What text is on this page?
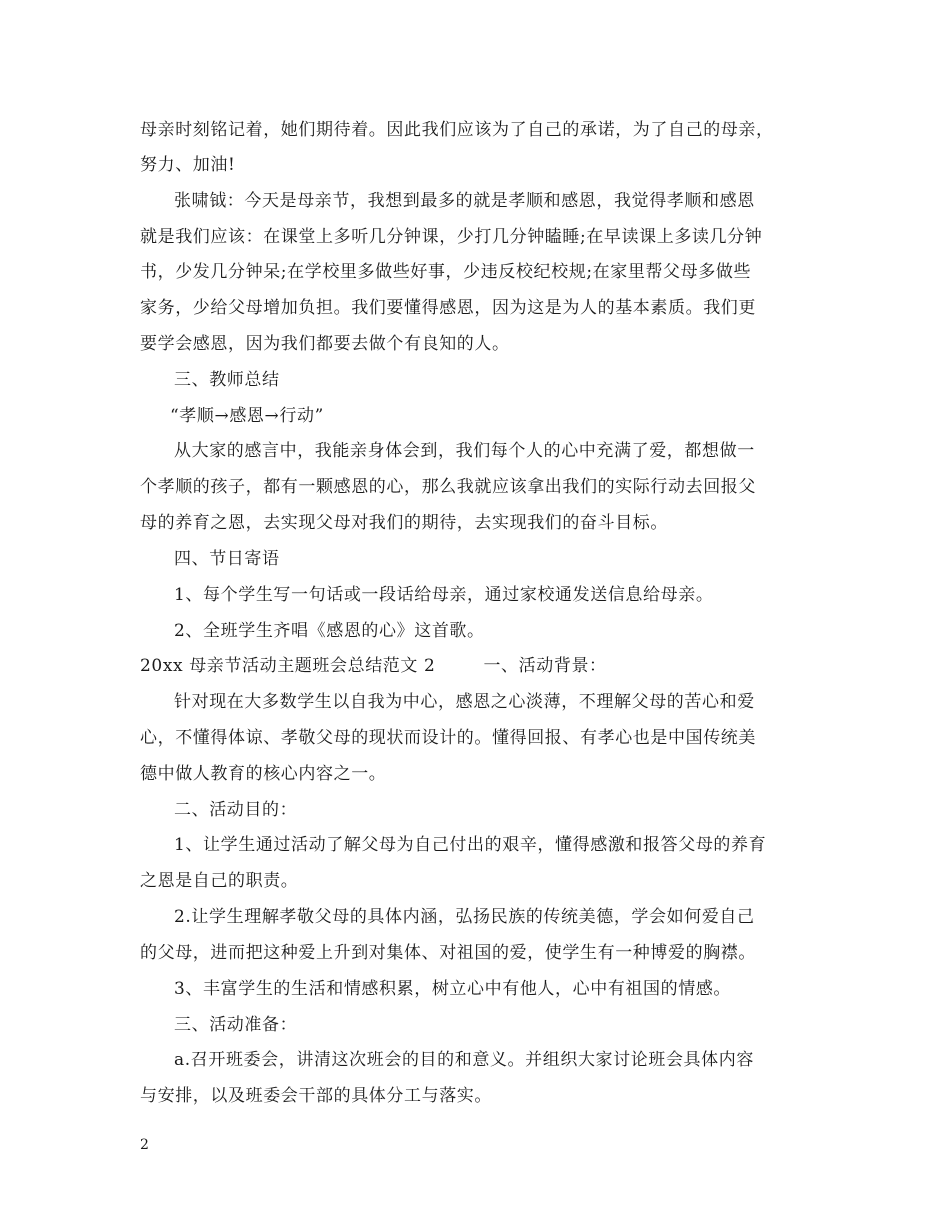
母亲时刻铭记着，她们期待着。因此我们应该为了自己的承诺，为了自己的母亲，
努力、加油!
张啸钺：今天是母亲节，我想到最多的就是孝顺和感恩，我觉得孝顺和感恩
就是我们应该：在课堂上多听几分钟课，少打几分钟瞌睡;在早读课上多读几分钟
书，少发几分钟呆;在学校里多做些好事，少违反校纪校规;在家里帮父母多做些
家务，少给父母增加负担。我们要懂得感恩，因为这是为人的基本素质。我们更
要学会感恩，因为我们都要去做个有良知的人。
三、教师总结
“孝顺→感恩→行动”
从大家的感言中，我能亲身体会到，我们每个人的心中充满了爱，都想做一
个孝顺的孩子，都有一颗感恩的心，那么我就应该拿出我们的实际行动去回报父
母的养育之恩，去实现父母对我们的期待，去实现我们的奋斗目标。
四、节日寄语
1、每个学生写一句话或一段话给母亲，通过家校通发送信息给母亲。
2、全班学生齐唱《感恩的心》这首歌。
20xx 母亲节活动主题班会总结范文 2        一、活动背景：
针对现在大多数学生以自我为中心，感恩之心淡薄，不理解父母的苦心和爱
心，不懂得体谅、孝敬父母的现状而设计的。懂得回报、有孝心也是中国传统美
德中做人教育的核心内容之一。
二、活动目的：
1、让学生通过活动了解父母为自己付出的艰辛，懂得感激和报答父母的养育
之恩是自己的职责。
2.让学生理解孝敬父母的具体内涵，弘扬民族的传统美德，学会如何爱自己
的父母，进而把这种爱上升到对集体、对祖国的爱，使学生有一种博爱的胸襟。
3、丰富学生的生活和情感积累，树立心中有他人，心中有祖国的情感。
三、活动准备：
a.召开班委会，讲清这次班会的目的和意义。并组织大家讨论班会具体内容
与安排，以及班委会干部的具体分工与落实。
2
